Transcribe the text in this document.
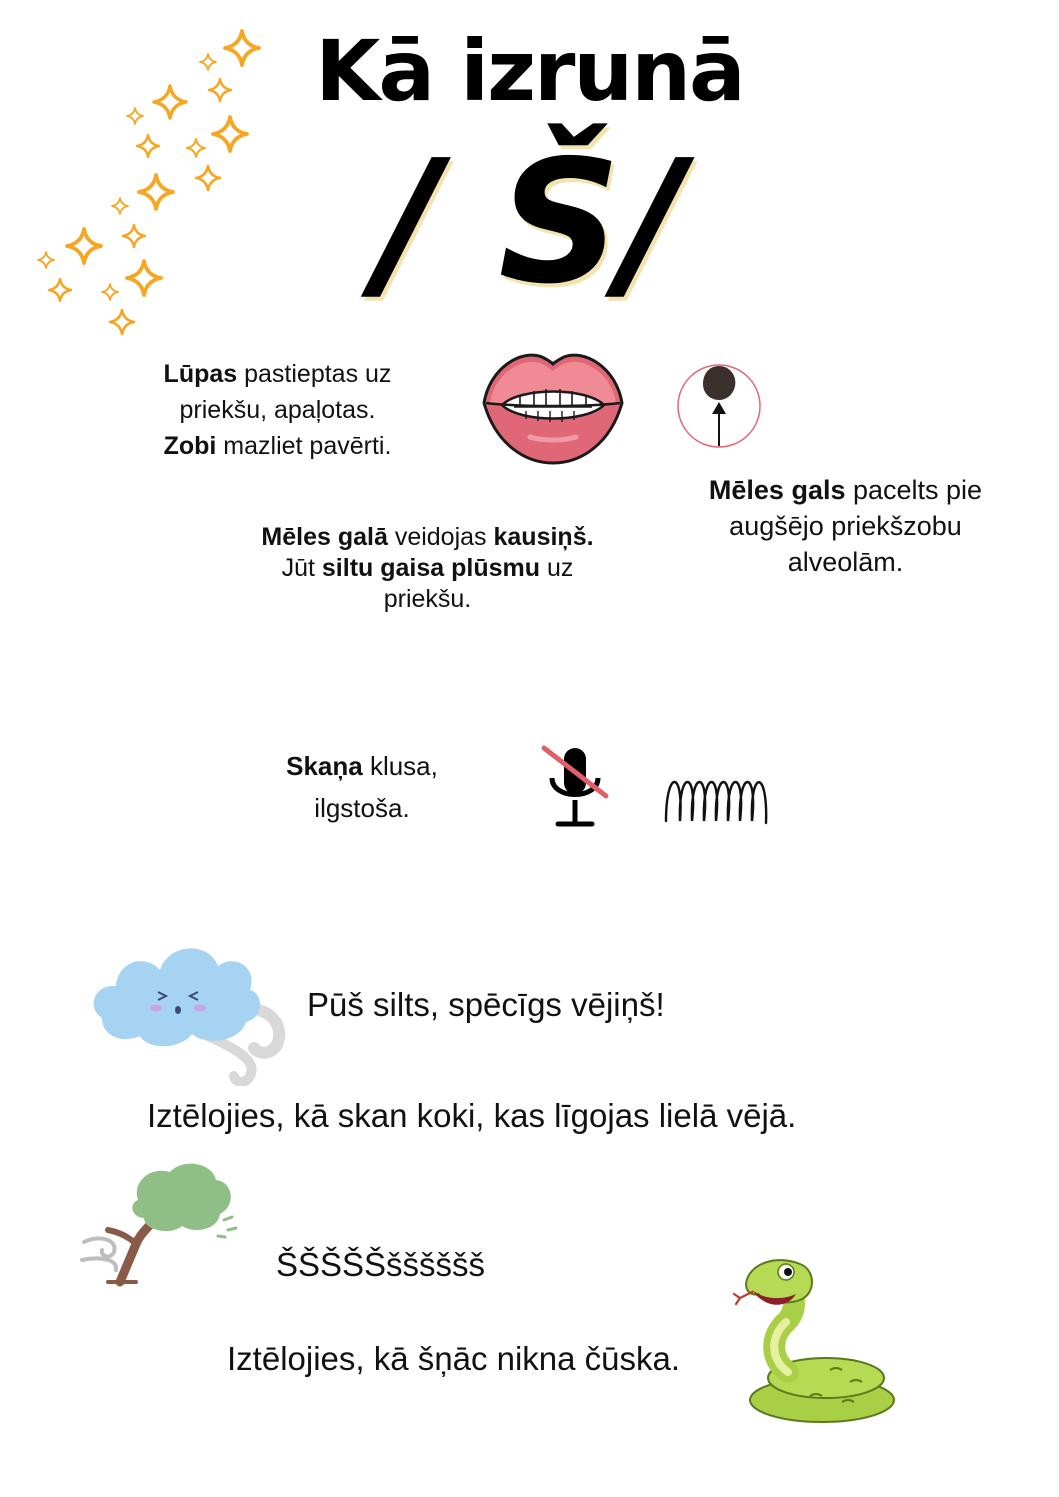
Kā izrunā
/ Š/
Lūpas pastieptas uz priekšu, apaļotas.
Zobi mazliet pavērti.
Mēles gals pacelts pie augšējo priekšzobu alveolām.
Mēles galā veidojas kausiņš.
Jūt siltu gaisa plūsmu uz priekšu.
Skaņa klusa, ilgstoša.
Pūš silts, spēcīgs vējiņš!
Iztēlojies, kā skan koki, kas līgojas lielā vējā.
ŠŠŠŠŠšššššš
Iztēlojies, kā šņāc nikna čūska.
